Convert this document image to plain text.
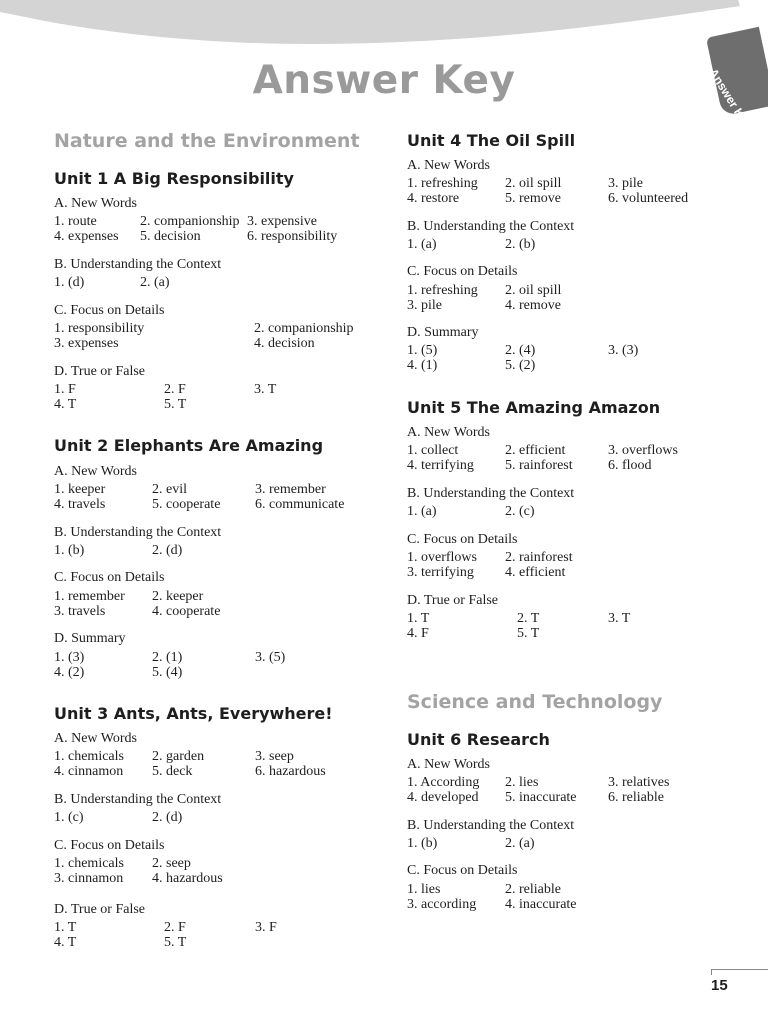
Answer Key
Answer Key
Nature and the Environment
Unit 1 A Big Responsibility
A. New Words
1. route	2. companionship 3. expensive
4. expenses 5. decision	6. responsibility
B. Understanding the Context
1. (d)	2. (a)
C. Focus on Details
1. responsibility	2. companionship
3. expenses	4. decision
D. True or False
1. F	2. F	3. T
4. T	5. T
Unit 2 Elephants Are Amazing
A. New Words
1. keeper	2. evil	3. remember
4. travels	5. cooperate 6. communicate
B. Understanding the Context
1. (b)	2. (d)
C. Focus on Details
1. remember 2. keeper
3. travels	4. cooperate
D. Summary
1. (3)	2. (1)	3. (5)
4. (2)	5. (4)
Unit 3 Ants, Ants, Everywhere!
A. New Words
1. chemicals 2. garden	3. seep
4. cinnamon 5. deck	6. hazardous
B. Understanding the Context
1. (c)	2. (d)
C. Focus on Details
1. chemicals 2. seep
3. cinnamon 4. hazardous
D. True or False
1. T	2. F	3. F
4. T	5. T
Unit 4 The Oil Spill
A. New Words
1. refreshing 2. oil spill	3. pile
4. restore	5. remove	6. volunteered
B. Understanding the Context
1. (a)	2. (b)
C. Focus on Details
1. refreshing 2. oil spill
3. pile	4. remove
D. Summary
1. (5)	2. (4)	3. (3)
4. (1)	5. (2)
Unit 5 The Amazing Amazon
A. New Words
1. collect	2. efficient	3. overflows
4. terrifying 5. rainforest	6. flood
B. Understanding the Context
1. (a)	2. (c)
C. Focus on Details
1. overflows 2. rainforest
3. terrifying 4. efficient
D. True or False
1. T	2. T	3. T
4. F	5. T
Science and Technology
Unit 6 Research
A. New Words
1. According 2. lies	3. relatives
4. developed 5. inaccurate 6. reliable
B. Understanding the Context
1. (b)	2. (a)
C. Focus on Details
1. lies	2. reliable
3. according 4. inaccurate
15
